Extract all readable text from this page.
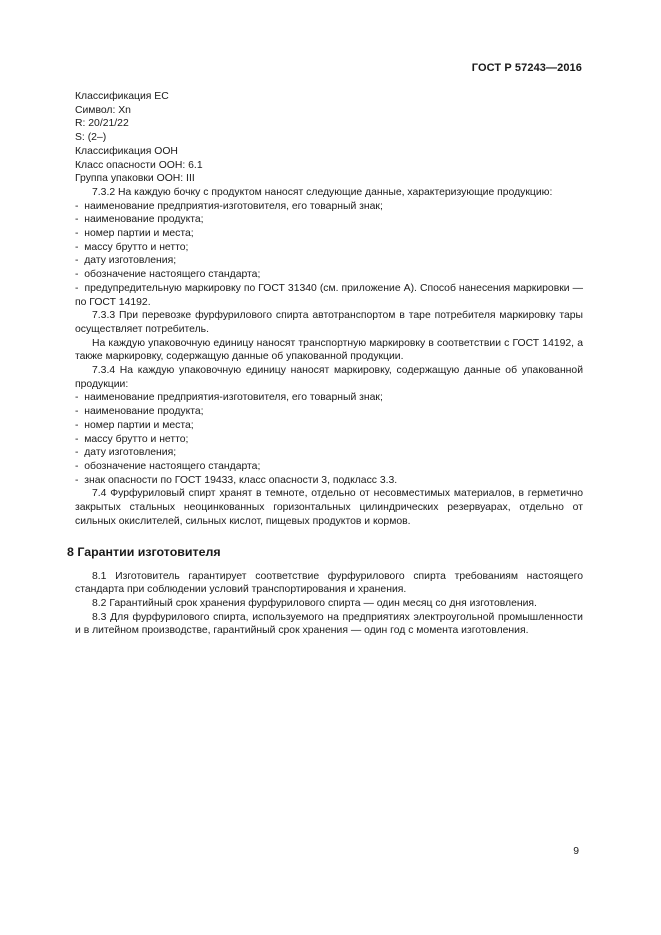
ГОСТ Р 57243—2016

Классификация ЕС

Символ: Xn

R: 20/21/22

S: (2–)

Классификация ООН

Класс опасности ООН: 6.1

Группа упаковки ООН: III

7.3.2 На каждую бочку с продуктом наносят следующие данные, характеризующие продукцию:

-  наименование предприятия-изготовителя, его товарный знак;

-  наименование продукта;

-  номер партии и места;

-  массу брутто и нетто;

-  дату изготовления;

-  обозначение настоящего стандарта;

-  предупредительную маркировку по ГОСТ 31340 (см. приложение А). Способ нанесения маркировки — по ГОСТ 14192.

7.3.3 При перевозке фурфурилового спирта автотранспортом в таре потребителя маркировку тары осуществляет потребитель.

На каждую упаковочную единицу наносят транспортную маркировку в соответствии с ГОСТ 14192, а также маркировку, содержащую данные об упакованной продукции.

7.3.4 На каждую упаковочную единицу наносят маркировку, содержащую данные об упакованной продукции:

-  наименование предприятия-изготовителя, его товарный знак;

-  наименование продукта;

-  номер партии и места;

-  массу брутто и нетто;

-  дату изготовления;

-  обозначение настоящего стандарта;

-  знак опасности по ГОСТ 19433, класс опасности 3, подкласс 3.3.

7.4 Фурфуриловый спирт хранят в темноте, отдельно от несовместимых материалов, в герметично закрытых стальных неоцинкованных горизонтальных цилиндрических резервуарах, отдельно от сильных окислителей, сильных кислот, пищевых продуктов и кормов.

8 Гарантии изготовителя

8.1 Изготовитель гарантирует соответствие фурфурилового спирта требованиям настоящего стандарта при соблюдении условий транспортирования и хранения.

8.2 Гарантийный срок хранения фурфурилового спирта — один месяц со дня изготовления.

8.3 Для фурфурилового спирта, используемого на предприятиях электроугольной промышленности и в литейном производстве, гарантийный срок хранения — один год с момента изготовления.

9
